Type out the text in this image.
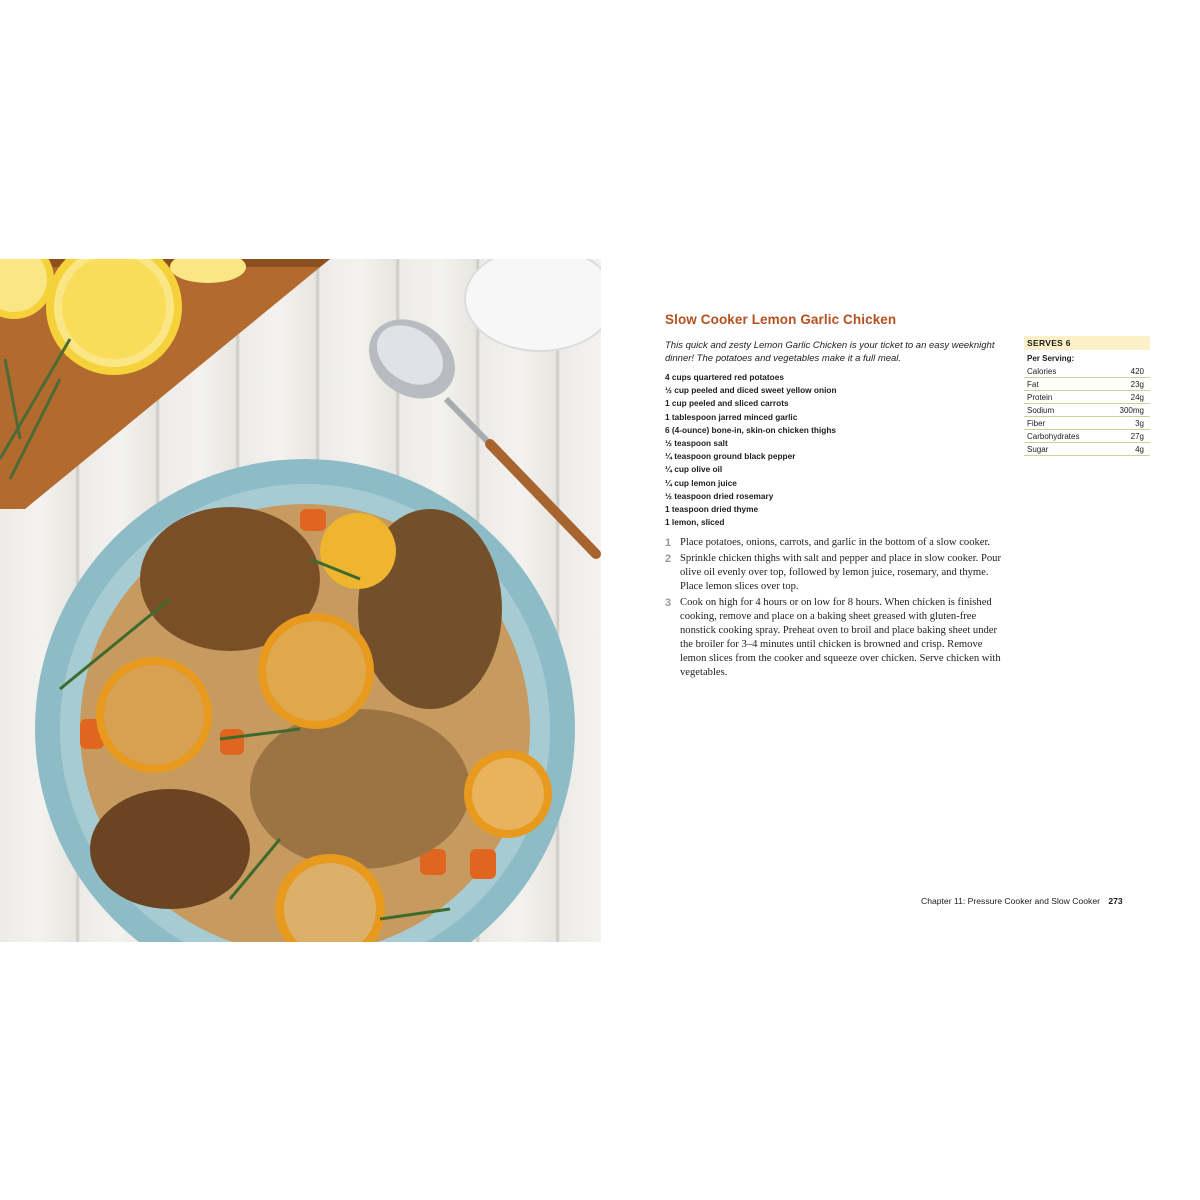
Slow Cooker Lemon Garlic Chicken

This quick and zesty Lemon Garlic Chicken is your ticket to an easy weeknight dinner! The potatoes and vegetables make it a full meal.

4 cups quartered red potatoes
½ cup peeled and diced sweet yellow onion
1 cup peeled and sliced carrots
1 tablespoon jarred minced garlic
6 (4-ounce) bone-in, skin-on chicken thighs
½ teaspoon salt
¼ teaspoon ground black pepper
¼ cup olive oil
¼ cup lemon juice
½ teaspoon dried rosemary
1 teaspoon dried thyme
1 lemon, sliced
1 Place potatoes, onions, carrots, and garlic in the bottom of a slow cooker.
2 Sprinkle chicken thighs with salt and pepper and place in slow cooker. Pour olive oil evenly over top, followed by lemon juice, rosemary, and thyme. Place lemon slices over top.
3 Cook on high for 4 hours or on low for 8 hours. When chicken is finished cooking, remove and place on a baking sheet greased with gluten-free nonstick cooking spray. Preheat oven to broil and place baking sheet under the broiler for 3–4 minutes until chicken is browned and crisp. Remove lemon slices from the cooker and squeeze over chicken. Serve chicken with vegetables.
SERVES 6
Per Serving:
Calories	420
Fat	23g
Protein	24g
Sodium	300mg
Fiber	3g
Carbohydrates	27g
Sugar	4g
Chapter 11: Pressure Cooker and Slow Cooker 273
